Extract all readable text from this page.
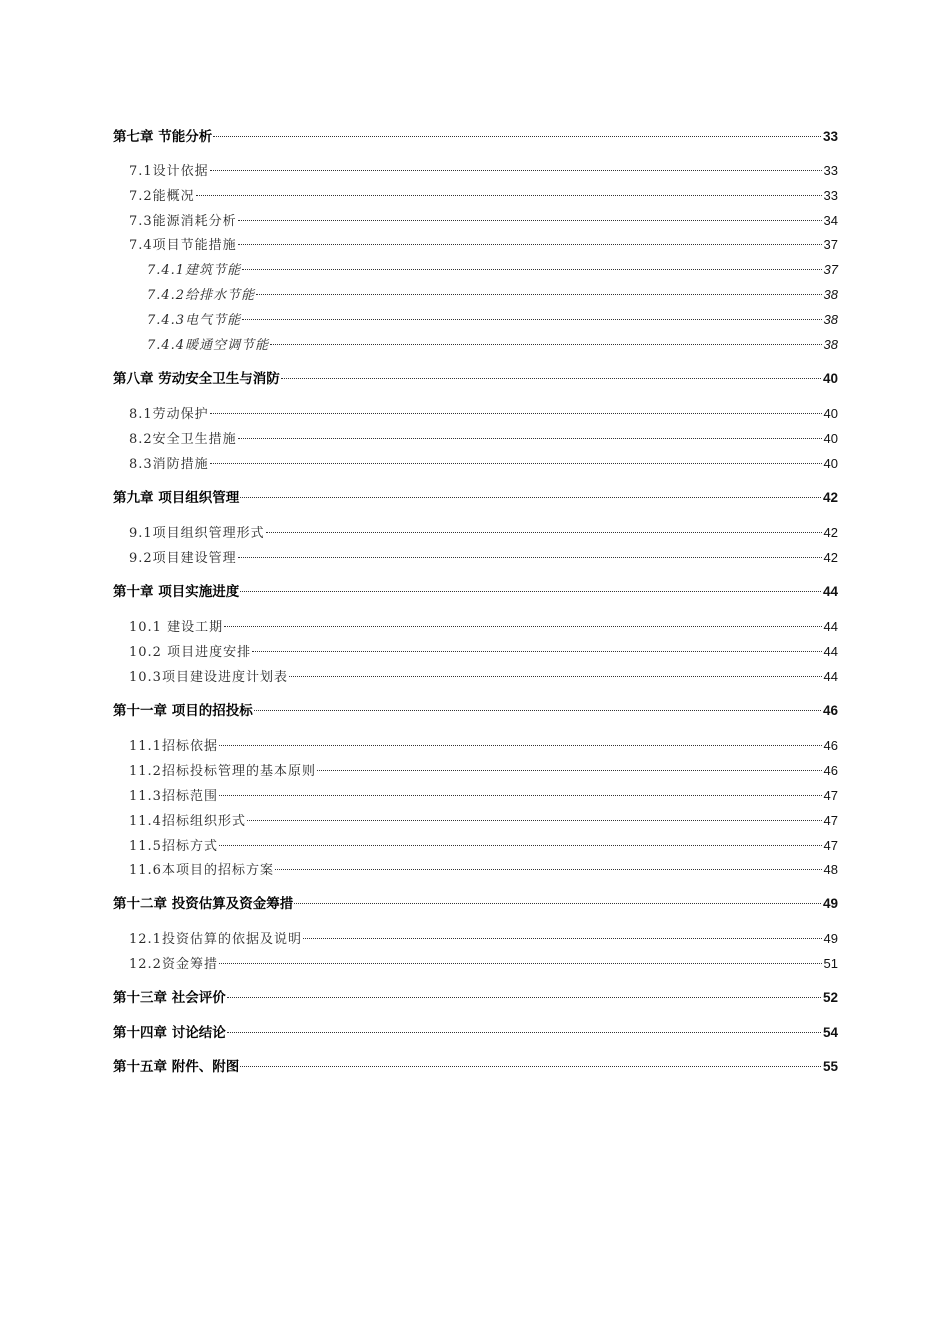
第七章 节能分析	33
7.1设计依据	33
7.2能概况	33
7.3能源消耗分析	34
7.4项目节能措施	37
7.4.1建筑节能	37
7.4.2给排水节能	38
7.4.3电气节能	38
7.4.4暖通空调节能	38
第八章 劳动安全卫生与消防	40
8.1劳动保护	40
8.2安全卫生措施	40
8.3消防措施	40
第九章 项目组织管理	42
9.1项目组织管理形式	42
9.2项目建设管理	42
第十章 项目实施进度	44
10.1 建设工期	44
10.2 项目进度安排	44
10.3项目建设进度计划表	44
第十一章 项目的招投标	46
11.1招标依据	46
11.2招标投标管理的基本原则	46
11.3招标范围	47
11.4招标组织形式	47
11.5招标方式	47
11.6本项目的招标方案	48
第十二章 投资估算及资金筹措	49
12.1投资估算的依据及说明	49
12.2资金筹措	51
第十三章 社会评价	52
第十四章 讨论结论	54
第十五章 附件、附图	55
